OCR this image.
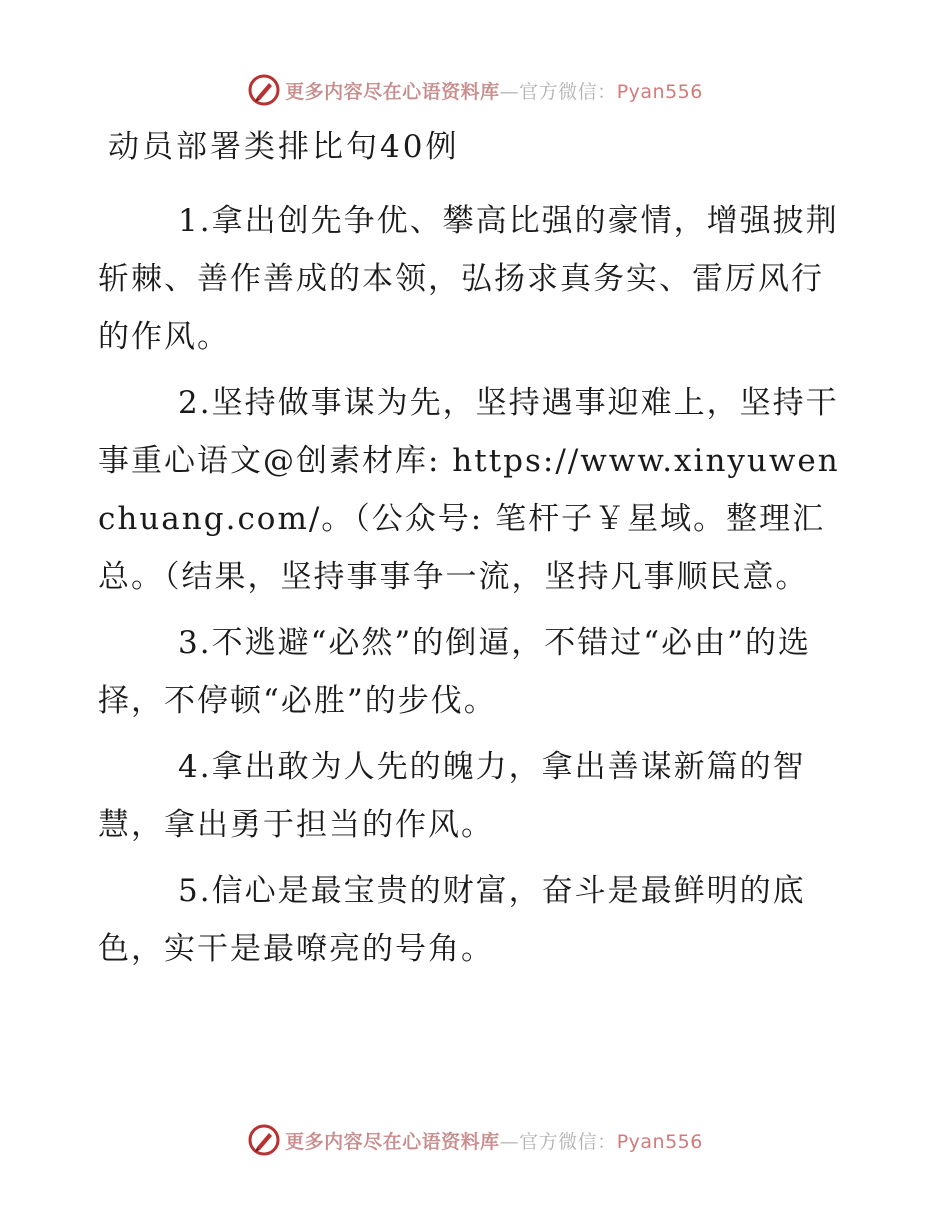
更多内容尽在心语资料库—官方微信：Pyan556
动员部署类排比句40例

1.拿出创先争优、攀高比强的豪情，增强披荆斩棘、善作善成的本领，弘扬求真务实、雷厉风行的作风。

2.坚持做事谋为先，坚持遇事迎难上，坚持干事重心语文@创素材库: https://www.xinyuwenchuang.com/。（公众号: 笔杆子￥星域。整理汇总。（结果，坚持事事争一流，坚持凡事顺民意。

3.不逃避“必然”的倒逼，不错过“必由”的选择，不停顿“必胜”的步伐。

4.拿出敢为人先的魄力，拿出善谋新篇的智慧，拿出勇于担当的作风。

5.信心是最宝贵的财富，奋斗是最鲜明的底色，实干是最嘹亮的号角。

更多内容尽在心语资料库—官方微信：Pyan556
